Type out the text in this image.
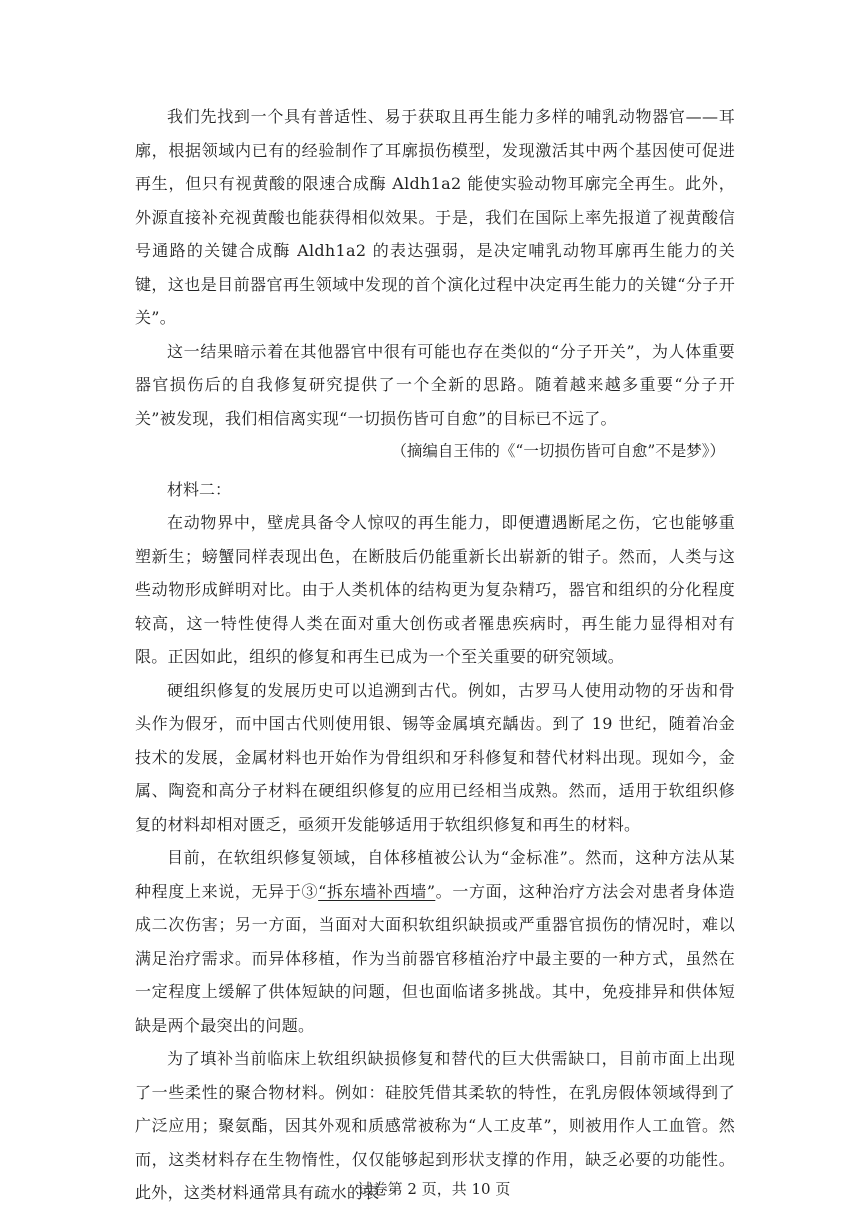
我们先找到一个具有普适性、易于获取且再生能力多样的哺乳动物器官——耳廓，根据领域内已有的经验制作了耳廓损伤模型，发现激活其中两个基因使可促进再生，但只有视黄酸的限速合成酶 Aldh1a2 能使实验动物耳廓完全再生。此外，外源直接补充视黄酸也能获得相似效果。于是，我们在国际上率先报道了视黄酸信号通路的关键合成酶 Aldh1a2 的表达强弱，是决定哺乳动物耳廓再生能力的关键，这也是目前器官再生领域中发现的首个演化过程中决定再生能力的关键“分子开关”。

这一结果暗示着在其他器官中很有可能也存在类似的“分子开关”，为人体重要器官损伤后的自我修复研究提供了一个全新的思路。随着越来越多重要“分子开关”被发现，我们相信离实现“一切损伤皆可自愈”的目标已不远了。

（摘编自王伟的《“一切损伤皆可自愈”不是梦》）

材料二：

在动物界中，壁虎具备令人惊叹的再生能力，即便遭遇断尾之伤，它也能够重塑新生；螃蟹同样表现出色，在断肢后仍能重新长出崭新的钳子。然而，人类与这些动物形成鲜明对比。由于人类机体的结构更为复杂精巧，器官和组织的分化程度较高，这一特性使得人类在面对重大创伤或者罹患疾病时，再生能力显得相对有限。正因如此，组织的修复和再生已成为一个至关重要的研究领域。

硬组织修复的发展历史可以追溯到古代。例如，古罗马人使用动物的牙齿和骨头作为假牙，而中国古代则使用银、锡等金属填充龋齿。到了 19 世纪，随着冶金技术的发展，金属材料也开始作为骨组织和牙科修复和替代材料出现。现如今，金属、陶瓷和高分子材料在硬组织修复的应用已经相当成熟。然而，适用于软组织修复的材料却相对匮乏，亟须开发能够适用于软组织修复和再生的材料。

目前，在软组织修复领域，自体移植被公认为“金标准”。然而，这种方法从某种程度上来说，无异于③“拆东墙补西墙”。一方面，这种治疗方法会对患者身体造成二次伤害；另一方面，当面对大面积软组织缺损或严重器官损伤的情况时，难以满足治疗需求。而异体移植，作为当前器官移植治疗中最主要的一种方式，虽然在一定程度上缓解了供体短缺的问题，但也面临诸多挑战。其中，免疫排异和供体短缺是两个最突出的问题。

为了填补当前临床上软组织缺损修复和替代的巨大供需缺口，目前市面上出现了一些柔性的聚合物材料。例如：硅胶凭借其柔软的特性，在乳房假体领域得到了广泛应用；聚氨酯，因其外观和质感常被称为“人工皮革”，则被用作人工血管。然而，这类材料存在生物惰性，仅仅能够起到形状支撑的作用，缺乏必要的功能性。此外，这类材料通常具有疏水的表

试卷第 2 页，共 10 页
